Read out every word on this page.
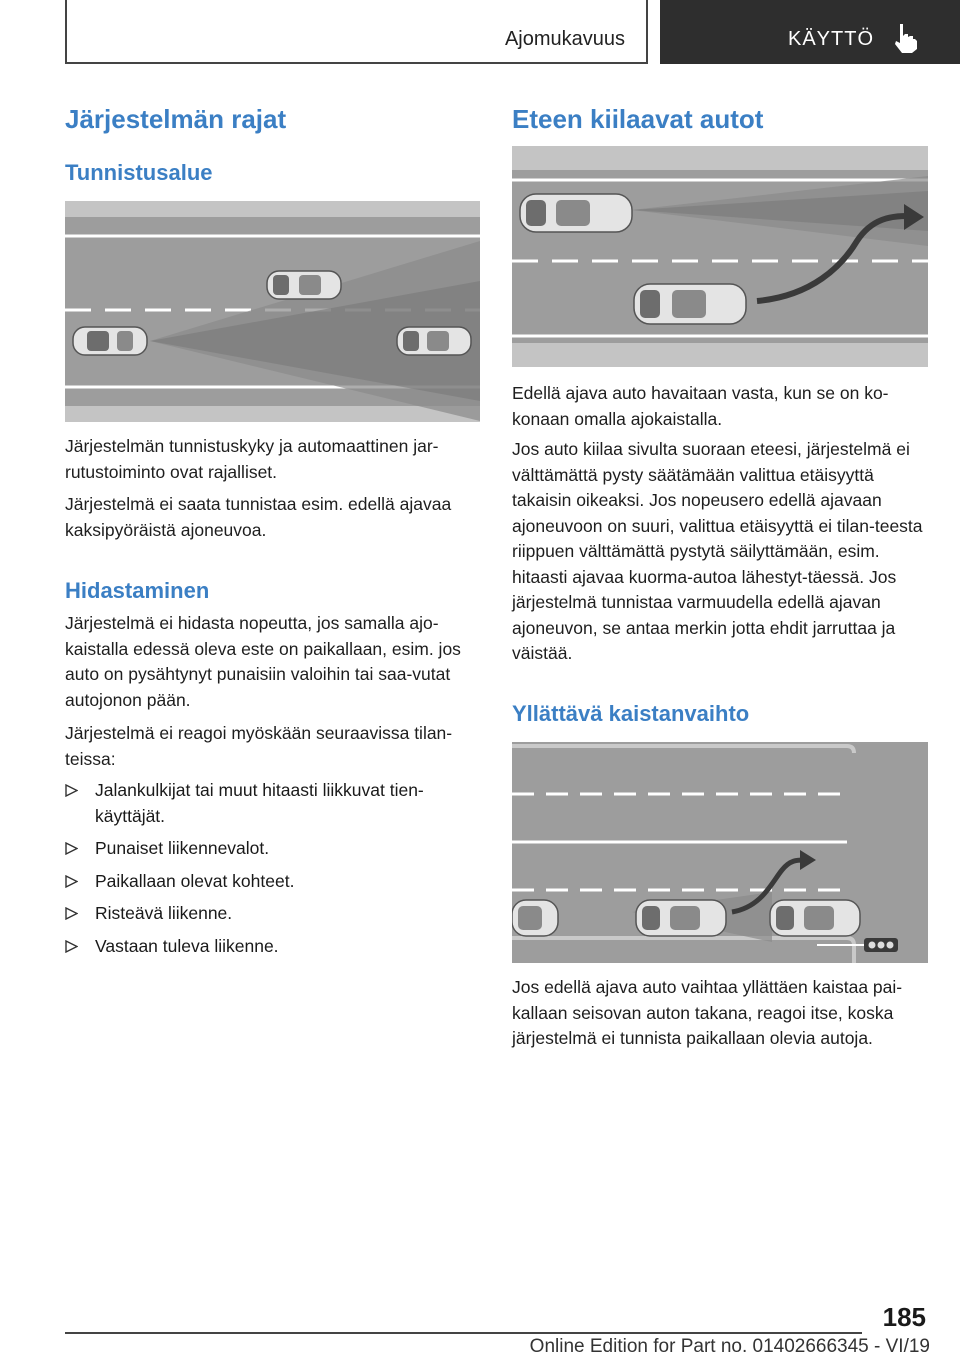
Ajomukavuus	KÄYTTÖ
Järjestelmän rajat
Tunnistusalue

Järjestelmän tunnistuskyky ja automaattinen jar-rutustoiminto ovat rajalliset.

Järjestelmä ei saata tunnistaa esim. edellä ajavaa kaksipyöräistä ajoneuvoa.

Hidastaminen

Järjestelmä ei hidasta nopeutta, jos samalla ajo-kaistalla edessä oleva este on paikallaan, esim. jos auto on pysähtynyt punaisiin valoihin tai saa-vutat autojonon pään.

Järjestelmä ei reagoi myöskään seuraavissa tilan-teissa:

Jalankulkijat tai muut hitaasti liikkuvat tien-käyttäjät.
Punaiset liikennevalot.
Paikallaan olevat kohteet.
Risteävä liikenne.
Vastaan tuleva liikenne.
Eteen kiilaavat autot

Edellä ajava auto havaitaan vasta, kun se on ko-konaan omalla ajokaistalla.

Jos auto kiilaa sivulta suoraan eteesi, järjestelmä ei välttämättä pysty säätämään valittua etäisyyttä takaisin oikeaksi. Jos nopeusero edellä ajavaan ajoneuvoon on suuri, valittua etäisyyttä ei tilan-teesta riippuen välttämättä pystytä säilyttämään, esim. hitaasti ajavaa kuorma-autoa lähestyt-täessä. Jos järjestelmä tunnistaa varmuudella edellä ajavan ajoneuvon, se antaa merkin jotta ehdit jarruttaa ja väistää.

Yllättävä kaistanvaihto

Jos edellä ajava auto vaihtaa yllättäen kaistaa pai-kallaan seisovan auton takana, reagoi itse, koska järjestelmä ei tunnista paikallaan olevia autoja.

185
Online Edition for Part no. 01402666345 - VI/19
